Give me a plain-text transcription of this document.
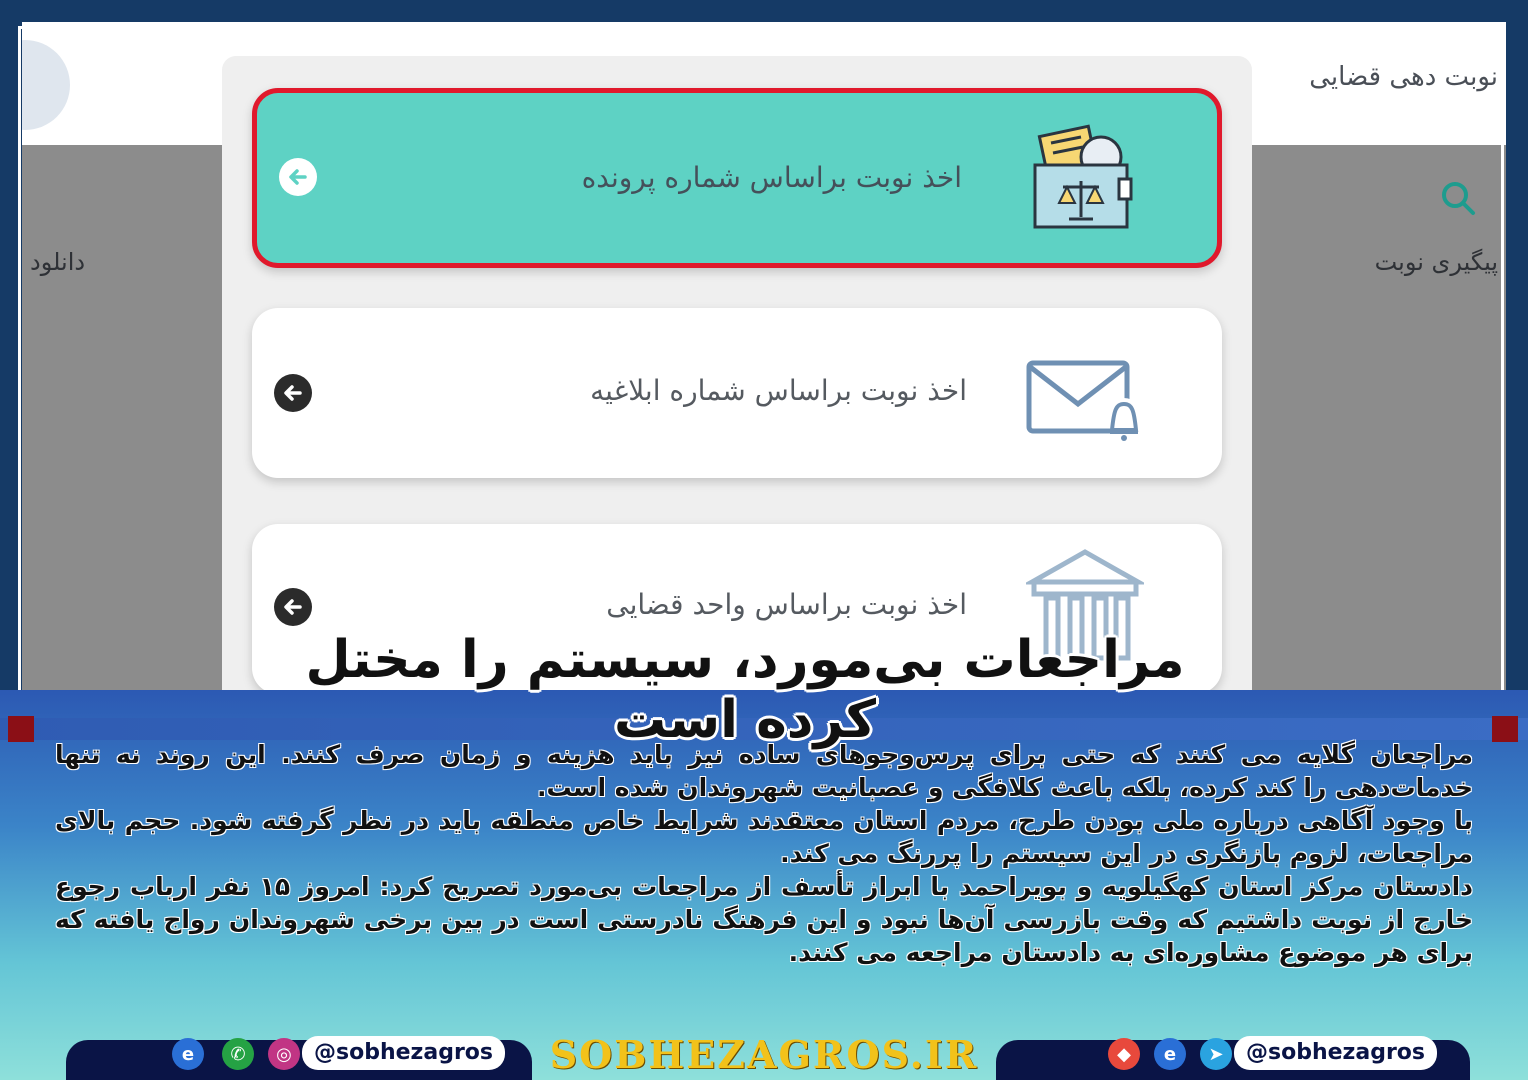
نوبت دهی قضایی
پیگیری نوبت
دانلود
اخذ نوبت براساس شماره پرونده
اخذ نوبت براساس شماره ابلاغیه
اخذ نوبت براساس واحد قضایی
مراجعات بی‌مورد، سیستم را مختل کرده است

مراجعان گلایه می کنند که حتی برای پرس‌وجوهای ساده نیز باید هزینه و زمان صرف کنند. این روند نه تنها خدمات‌دهی را کند کرده، بلکه باعث کلافگی و عصبانیت شهروندان شده است.

با وجود آگاهی درباره ملی بودن طرح، مردم استان معتقدند شرایط خاص منطقه باید در نظر گرفته شود. حجم بالای مراجعات، لزوم بازنگری در این سیستم را پررنگ می کند.

دادستان مرکز استان کهگیلویه و بویراحمد با ابراز تأسف از مراجعات بی‌مورد تصریح کرد: امروز ۱۵ نفر ارباب رجوع خارج از نوبت داشتیم که وقت بازرسی آن‌ها نبود و این فرهنگ نادرستی است در بین برخی شهروندان رواج یافته که برای هر موضوع مشاوره‌ای به دادستان مراجعه می کنند.

e	✆	◎	@sobhezagros	SOBHEZAGROS.IR	◆	e	➤	@sobhezagros
